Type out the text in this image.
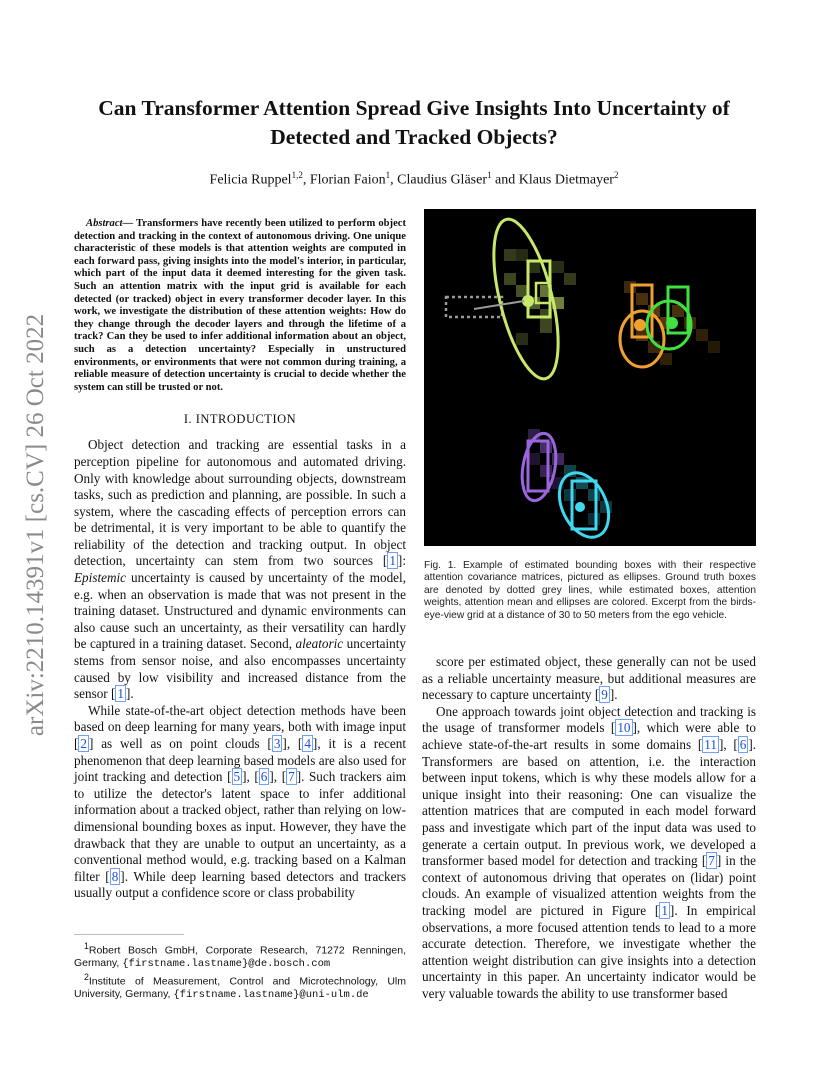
arXiv:2210.14391v1 [cs.CV] 26 Oct 2022
Can Transformer Attention Spread Give Insights Into Uncertainty of Detected and Tracked Objects?

Felicia Ruppel$^{1,2}$, Florian Faion$^1$, Claudius Gläser$^1$ and Klaus Dietmayer$^2$

Abstract— Transformers have recently been utilized to perform object detection and tracking in the context of autonomous driving. One unique characteristic of these models is that attention weights are computed in each forward pass, giving insights into the model's interior, in particular, which part of the input data it deemed interesting for the given task. Such an attention matrix with the input grid is available for each detected (or tracked) object in every transformer decoder layer. In this work, we investigate the distribution of these attention weights: How do they change through the decoder layers and through the lifetime of a track? Can they be used to infer additional information about an object, such as a detection uncertainty? Especially in unstructured environments, or environments that were not common during training, a reliable measure of detection uncertainty is crucial to decide whether the system can still be trusted or not.

I. INTRODUCTION

Object detection and tracking are essential tasks in a perception pipeline for autonomous and automated driving. Only with knowledge about surrounding objects, downstream tasks, such as prediction and planning, are possible. In such a system, where the cascading effects of perception errors can be detrimental, it is very important to be able to quantify the reliability of the detection and tracking output. In object detection, uncertainty can stem from two sources [ 1 ]: Epistemic uncertainty is caused by uncertainty of the model, e.g. when an observation is made that was not present in the training dataset. Unstructured and dynamic environments can also cause such an uncertainty, as their versatility can hardly be captured in a training dataset. Second, aleatoric uncertainty stems from sensor noise, and also encompasses uncertainty caused by low visibility and increased distance from the sensor [ 1 ].

While state-of-the-art object detection methods have been based on deep learning for many years, both with image input [ 2 ] as well as on point clouds [ 3 ], [ 4 ], it is a recent phenomenon that deep learning based models are also used for joint tracking and detection [ 5 ], [ 6 ], [ 7 ]. Such trackers aim to utilize the detector's latent space to infer additional information about a tracked object, rather than relying on low-dimensional bounding boxes as input. However, they have the drawback that they are unable to output an uncertainty, as a conventional method would, e.g. tracking based on a Kalman filter [ 8 ]. While deep learning based detectors and trackers usually output a confidence score or class probability

Fig. 1. Example of estimated bounding boxes with their respective attention covariance matrices, pictured as ellipses. Ground truth boxes are denoted by dotted grey lines, while estimated boxes, attention weights, attention mean and ellipses are colored. Excerpt from the birds-eye-view grid at a distance of 30 to 50 meters from the ego vehicle.

score per estimated object, these generally can not be used as a reliable uncertainty measure, but additional measures are necessary to capture uncertainty [ 9 ].

One approach towards joint object detection and tracking is the usage of transformer models [ 10 ], which were able to achieve state-of-the-art results in some domains [ 11 ], [ 6 ]. Transformers are based on attention, i.e. the interaction between input tokens, which is why these models allow for a unique insight into their reasoning: One can visualize the attention matrices that are computed in each model forward pass and investigate which part of the input data was used to generate a certain output. In previous work, we developed a transformer based model for detection and tracking [ 7 ] in the context of autonomous driving that operates on (lidar) point clouds. An example of visualized attention weights from the tracking model are pictured in Figure [ 1 ]. In empirical observations, a more focused attention tends to lead to a more accurate detection. Therefore, we investigate whether the attention weight distribution can give insights into a detection uncertainty in this paper. An uncertainty indicator would be very valuable towards the ability to use transformer based

$^1$Robert Bosch GmbH, Corporate Research, 71272 Renningen, Germany, {firstname.lastname}@de.bosch.com

$^2$Institute of Measurement, Control and Microtechnology, Ulm University, Germany, {firstname.lastname}@uni-ulm.de
